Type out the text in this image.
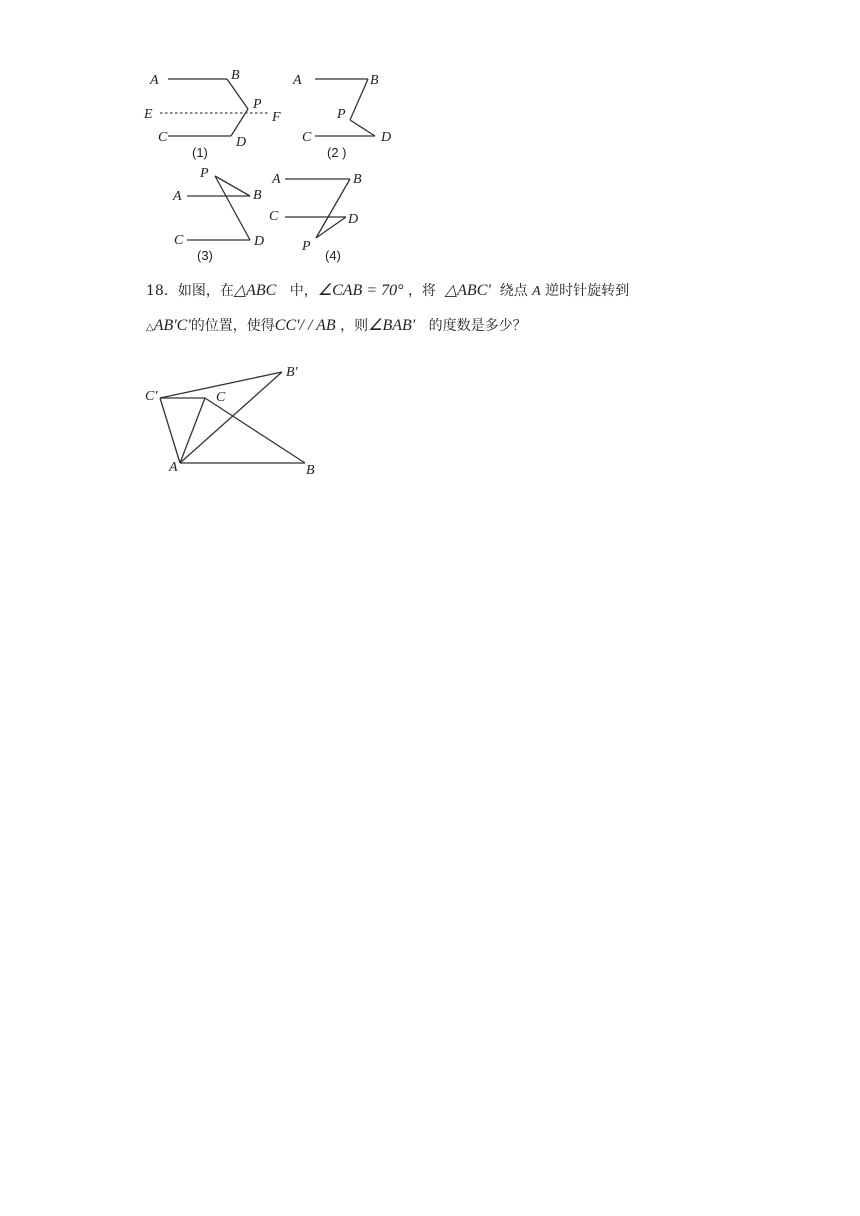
A	B
P
E	F
C	D
(1)
A	B
P
C	D
(2 )
P
A	B
C	D
(3)
A	B
C	D
P
(4)
18．如图，在△ABC 中，∠CAB = 70° ，将 △ABC' 绕点 A 逆时针旋转到
△AB'C'的位置，使得CC'/ / AB ，则∠BAB' 的度数是多少？
C'	C
B'
A	B
